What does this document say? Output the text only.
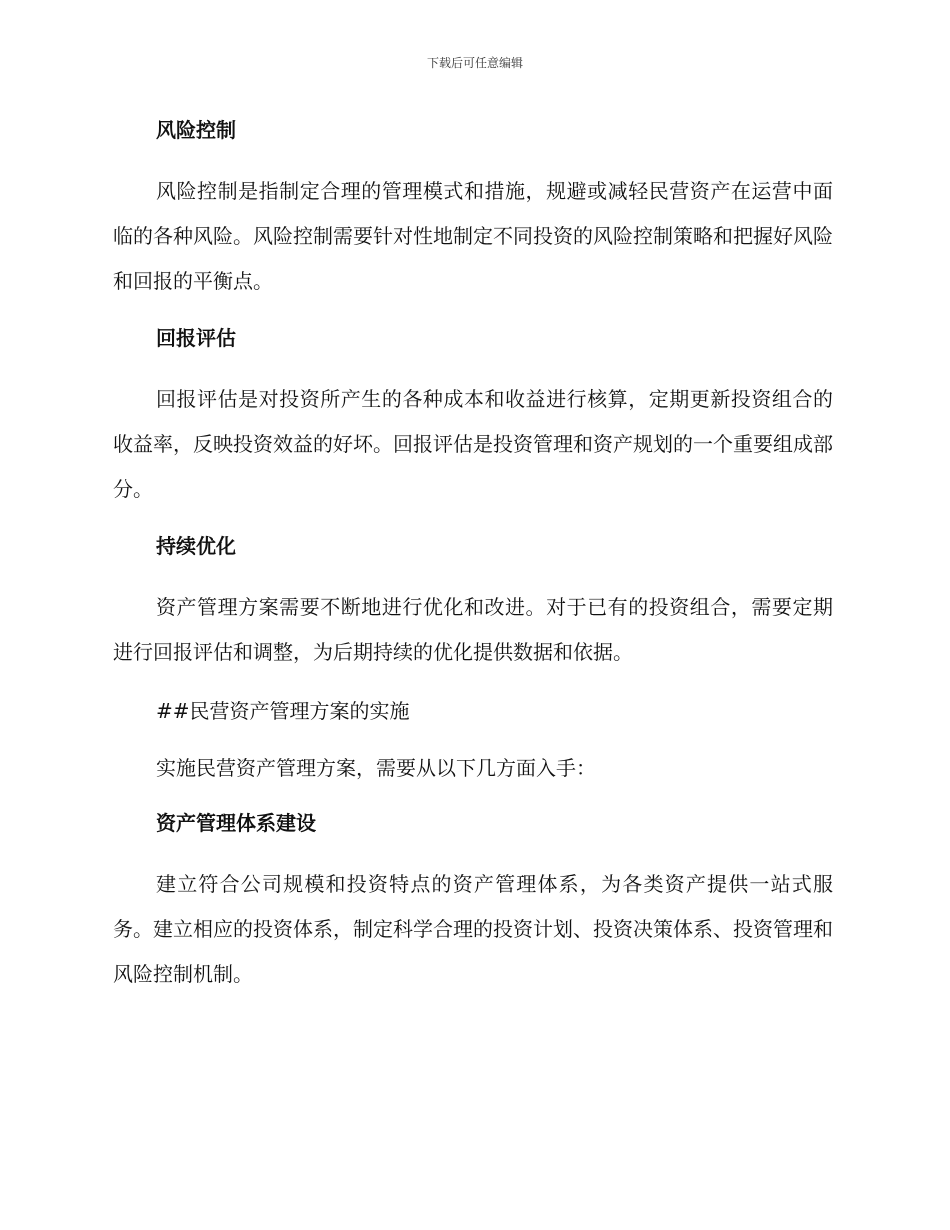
下载后可任意编辑
风险控制
风险控制是指制定合理的管理模式和措施，规避或减轻民营资产在运营中面临的各种风险。风险控制需要针对性地制定不同投资的风险控制策略和把握好风险和回报的平衡点。
回报评估
回报评估是对投资所产生的各种成本和收益进行核算，定期更新投资组合的收益率，反映投资效益的好坏。回报评估是投资管理和资产规划的一个重要组成部分。
持续优化
资产管理方案需要不断地进行优化和改进。对于已有的投资组合，需要定期进行回报评估和调整，为后期持续的优化提供数据和依据。
##民营资产管理方案的实施
实施民营资产管理方案，需要从以下几方面入手：
资产管理体系建设
建立符合公司规模和投资特点的资产管理体系，为各类资产提供一站式服务。建立相应的投资体系，制定科学合理的投资计划、投资决策体系、投资管理和风险控制机制。
